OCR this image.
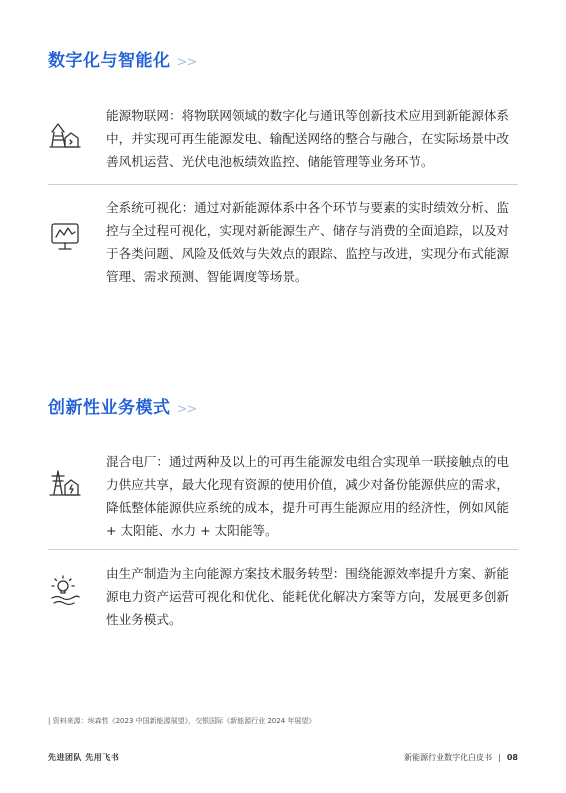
数字化与智能化 >>
能源物联网：将物联网领域的数字化与通讯等创新技术应用到新能源体系中，并实现可再生能源发电、输配送网络的整合与融合，在实际场景中改善风机运营、光伏电池板绩效监控、储能管理等业务环节。
全系统可视化：通过对新能源体系中各个环节与要素的实时绩效分析、监控与全过程可视化，实现对新能源生产、储存与消费的全面追踪，以及对于各类问题、风险及低效与失效点的跟踪、监控与改进，实现分布式能源管理、需求预测、智能调度等场景。
创新性业务模式 >>
混合电厂：通过两种及以上的可再生能源发电组合实现单一联接触点的电力供应共享，最大化现有资源的使用价值，减少对备份能源供应的需求，降低整体能源供应系统的成本，提升可再生能源应用的经济性，例如风能 + 太阳能、水力 + 太阳能等。
由生产制造为主向能源方案技术服务转型：围绕能源效率提升方案、新能源电力资产运营可视化和优化、能耗优化解决方案等方向，发展更多创新性业务模式。
| 资料来源：埃森哲《2023 中国新能源展望》，交银国际《新能源行业 2024 年展望》
先进团队 先用飞书	新能源行业数字化白皮书 | 08
